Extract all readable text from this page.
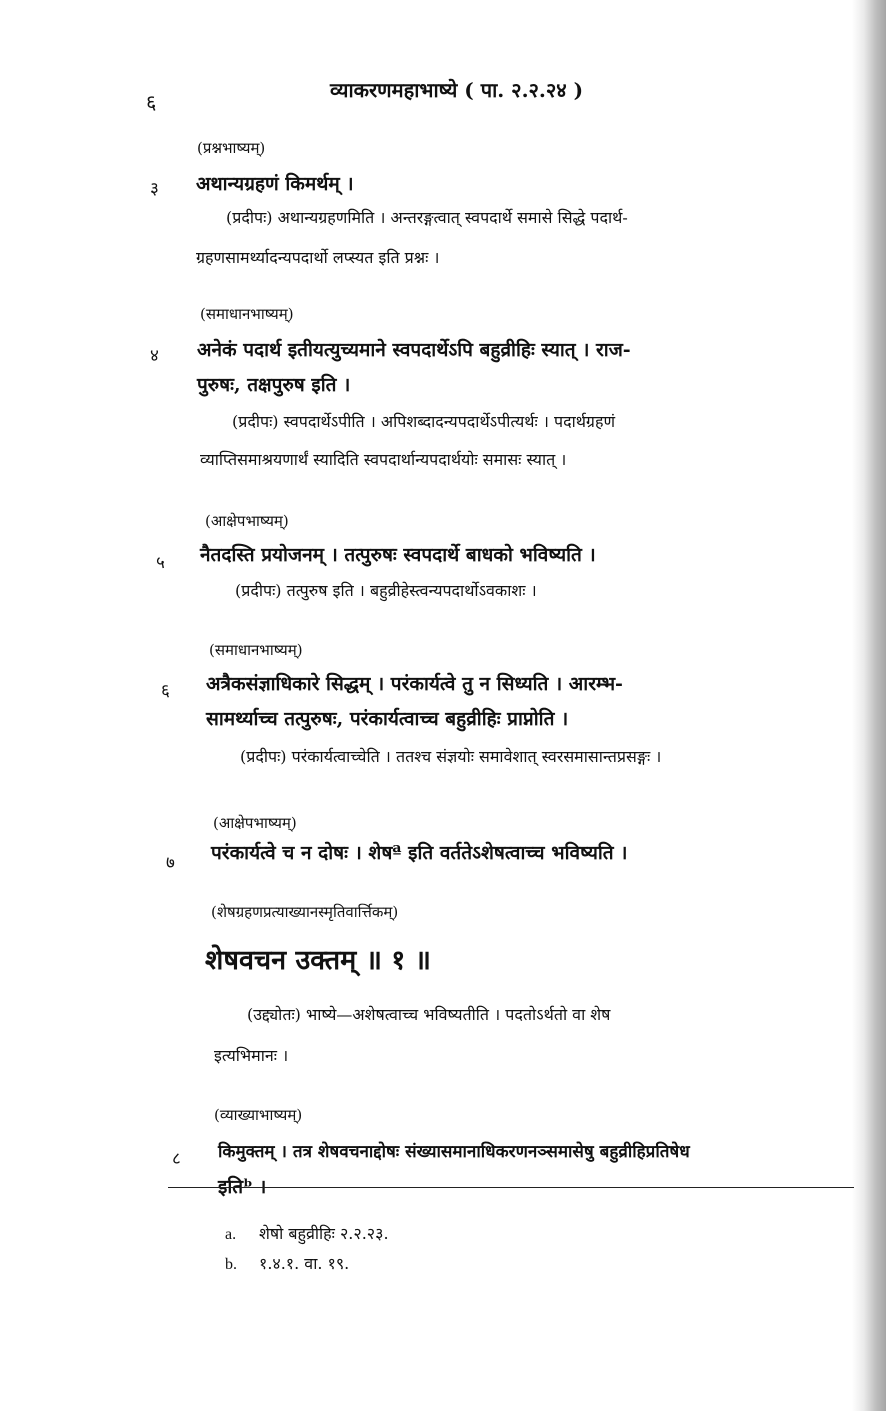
६	व्याकरणमहाभाष्ये ( पा. २.२.२४ )
(प्रश्नभाष्यम्)
३ अथान्यग्रहणं किमर्थम् ।
(प्रदीपः) अथान्यग्रहणमिति । अन्तरङ्गत्वात् स्वपदार्थे समासे सिद्धे पदार्थ-
ग्रहणसामर्थ्यादन्यपदार्थो लप्स्यत इति प्रश्नः ।
(समाधानभाष्यम्)
४ अनेकं पदार्थ इतीयत्युच्यमाने स्वपदार्थेऽपि बहुव्रीहिः स्यात् । राज-
पुरुषः, तक्षपुरुष इति ।
(प्रदीपः) स्वपदार्थेऽपीति । अपिशब्दादन्यपदार्थेऽपीत्यर्थः । पदार्थग्रहणं
व्याप्तिसमाश्रयणार्थं स्यादिति स्वपदार्थान्यपदार्थयोः समासः स्यात् ।
(आक्षेपभाष्यम्)
५ नैतदस्ति प्रयोजनम् । तत्पुरुषः स्वपदार्थे बाधको भविष्यति ।
(प्रदीपः) तत्पुरुष इति । बहुव्रीहेस्त्वन्यपदार्थोऽवकाशः ।
(समाधानभाष्यम्)
६ अत्रैकसंज्ञाधिकारे सिद्धम् । परंकार्यत्वे तु न सिध्यति । आरम्भ-
सामर्थ्याच्च तत्पुरुषः, परंकार्यत्वाच्च बहुव्रीहिः प्राप्नोति ।
(प्रदीपः) परंकार्यत्वाच्चेति । ततश्च संज्ञयोः समावेशात् स्वरसमासान्तप्रसङ्गः ।
(आक्षेपभाष्यम्)
७ परंकार्यत्वे च न दोषः । शेषª इति वर्ततेऽशेषत्वाच्च भविष्यति ।
(शेषग्रहणप्रत्याख्यानस्मृतिवार्त्तिकम्)
शेषवचन उक्तम् ॥ १ ॥
(उद्द्योतः) भाष्ये—अशेषत्वाच्च भविष्यतीति । पदतोऽर्थतो वा शेष
इत्यभिमानः ।
(व्याख्याभाष्यम्)
८ किमुक्तम् । तत्र शेषवचनाद्दोषः संख्यासमानाधिकरणनञ्समासेषु बहुव्रीहिप्रतिषेध
इतिᵇ ।
a. शेषो बहुव्रीहिः २.२.२३.
b. १.४.१. वा. १९.
